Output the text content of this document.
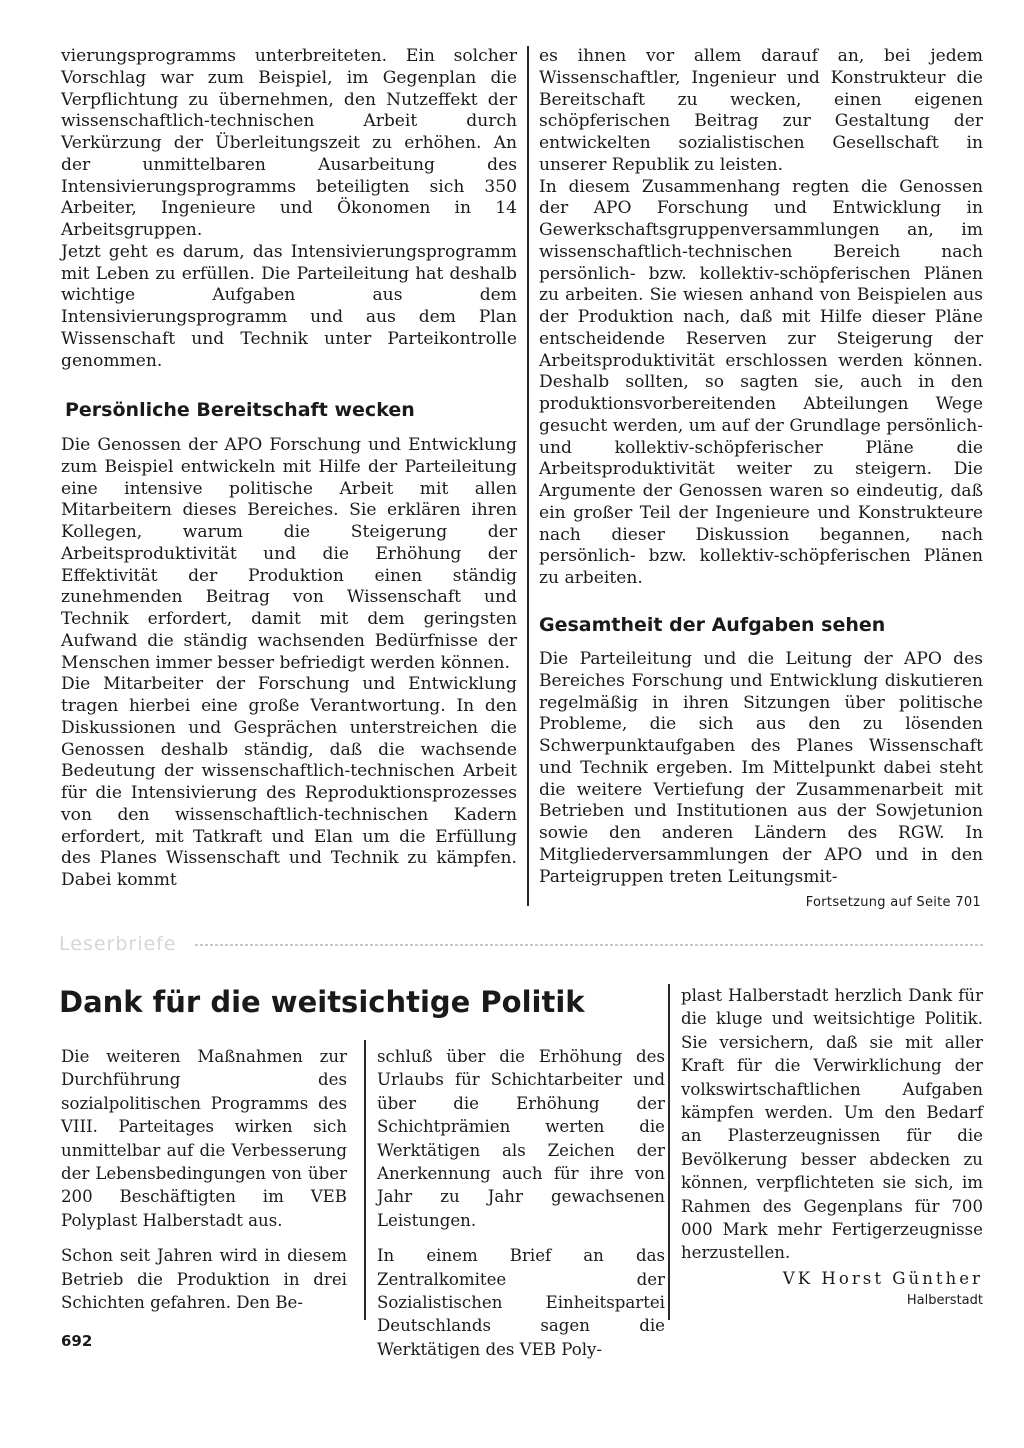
vierungsprogramms unterbreiteten. Ein solcher Vorschlag war zum Beispiel, im Gegenplan die Verpflichtung zu übernehmen, den Nutzeffekt der wissenschaftlich-technischen Arbeit durch Verkürzung der Überleitungszeit zu erhöhen. An der unmittelbaren Ausarbeitung des Intensivierungsprogramms beteiligten sich 350 Arbeiter, Ingenieure und Ökonomen in 14 Arbeitsgruppen.

Jetzt geht es darum, das Intensivierungsprogramm mit Leben zu erfüllen. Die Parteileitung hat deshalb wichtige Aufgaben aus dem Intensivierungsprogramm und aus dem Plan Wissenschaft und Technik unter Parteikontrolle genommen.

Persönliche Bereitschaft wecken

Die Genossen der APO Forschung und Entwicklung zum Beispiel entwickeln mit Hilfe der Parteileitung eine intensive politische Arbeit mit allen Mitarbeitern dieses Bereiches. Sie erklären ihren Kollegen, warum die Steigerung der Arbeitsproduktivität und die Erhöhung der Effektivität der Produktion einen ständig zunehmenden Beitrag von Wissenschaft und Technik erfordert, damit mit dem geringsten Aufwand die ständig wachsenden Bedürfnisse der Menschen immer besser befriedigt werden können.

Die Mitarbeiter der Forschung und Entwicklung tragen hierbei eine große Verantwortung. In den Diskussionen und Gesprächen unterstreichen die Genossen deshalb ständig, daß die wachsende Bedeutung der wissenschaftlich-technischen Arbeit für die Intensivierung des Reproduktionsprozesses von den wissenschaftlich-technischen Kadern erfordert, mit Tatkraft und Elan um die Erfüllung des Planes Wissenschaft und Technik zu kämpfen. Dabei kommt

es ihnen vor allem darauf an, bei jedem Wissenschaftler, Ingenieur und Konstrukteur die Bereitschaft zu wecken, einen eigenen schöpferischen Beitrag zur Gestaltung der entwickelten sozialistischen Gesellschaft in unserer Republik zu leisten.

In diesem Zusammenhang regten die Genossen der APO Forschung und Entwicklung in Gewerkschaftsgruppenversammlungen an, im wissenschaftlich-technischen Bereich nach persönlich- bzw. kollektiv-schöpferischen Plänen zu arbeiten. Sie wiesen anhand von Beispielen aus der Produktion nach, daß mit Hilfe dieser Pläne entscheidende Reserven zur Steigerung der Arbeitsproduktivität erschlossen werden können. Deshalb sollten, so sagten sie, auch in den produktionsvorbereitenden Abteilungen Wege gesucht werden, um auf der Grundlage persönlich- und kollektiv-schöpferischer Pläne die Arbeitsproduktivität weiter zu steigern. Die Argumente der Genossen waren so eindeutig, daß ein großer Teil der Ingenieure und Konstrukteure nach dieser Diskussion begannen, nach persönlich- bzw. kollektiv-schöpferischen Plänen zu arbeiten.

Gesamtheit der Aufgaben sehen

Die Parteileitung und die Leitung der APO des Bereiches Forschung und Entwicklung diskutieren regelmäßig in ihren Sitzungen über politische Probleme, die sich aus den zu lösenden Schwerpunktaufgaben des Planes Wissenschaft und Technik ergeben. Im Mittelpunkt dabei steht die weitere Vertiefung der Zusammenarbeit mit Betrieben und Institutionen aus der Sowjetunion sowie den anderen Ländern des RGW. In Mitgliederversammlungen der APO und in den Parteigruppen treten Leitungsmit-

Fortsetzung auf Seite 701
Leserbriefe
Dank für die weitsichtige Politik

Die weiteren Maßnahmen zur Durchführung des sozialpolitischen Programms des VIII. Parteitages wirken sich unmittelbar auf die Verbesserung der Lebensbedingungen von über 200 Beschäftigten im VEB Polyplast Halberstadt aus.

Schon seit Jahren wird in diesem Betrieb die Produktion in drei Schichten gefahren. Den Be-

schluß über die Erhöhung des Urlaubs für Schichtarbeiter und über die Erhöhung der Schichtprämien werten die Werktätigen als Zeichen der Anerkennung auch für ihre von Jahr zu Jahr gewachsenen Leistungen.

In einem Brief an das Zentralkomitee der Sozialistischen Einheitspartei Deutschlands sagen die Werktätigen des VEB Poly-

plast Halberstadt herzlich Dank für die kluge und weitsichtige Politik. Sie versichern, daß sie mit aller Kraft für die Verwirklichung der volkswirtschaftlichen Aufgaben kämpfen werden. Um den Bedarf an Plasterzeugnissen für die Bevölkerung besser abdecken zu können, verpflichteten sie sich, im Rahmen des Gegenplans für 700 000 Mark mehr Fertigerzeugnisse herzustellen.

VK Horst Günther
Halberstadt
692
